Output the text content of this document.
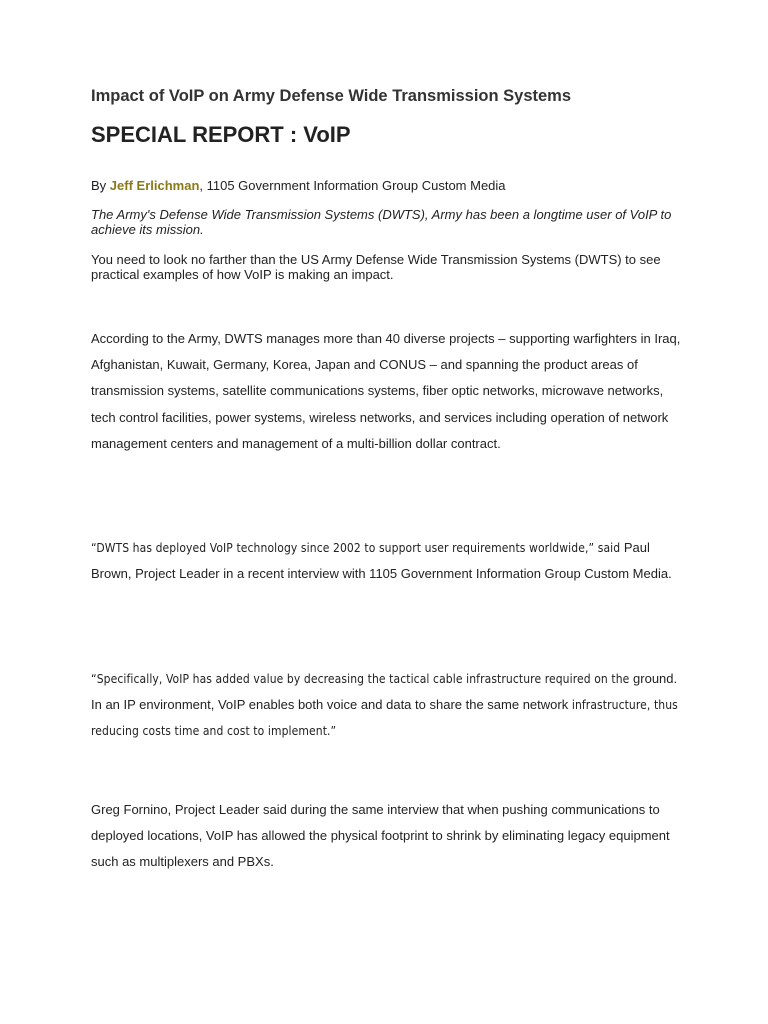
Impact of VoIP on Army Defense Wide Transmission Systems
SPECIAL REPORT : VoIP

By Jeff Erlichman, 1105 Government Information Group Custom Media

The Army's Defense Wide Transmission Systems (DWTS), Army has been a longtime user of VoIP to achieve its mission.

You need to look no farther than the US Army Defense Wide Transmission Systems (DWTS) to see practical examples of how VoIP is making an impact.

According to the Army, DWTS manages more than 40 diverse projects – supporting warfighters in Iraq, Afghanistan, Kuwait, Germany, Korea, Japan and CONUS – and spanning the product areas of transmission systems, satellite communications systems, fiber optic networks, microwave networks, tech control facilities, power systems, wireless networks, and services including operation of network management centers and management of a multi-billion dollar contract.

“DWTS has deployed VoIP technology since 2002 to support user requirements worldwide,” said Paul Brown, Project Leader in a recent interview with 1105 Government Information Group Custom Media.

“Specifically, VoIP has added value by decreasing the tactical cable infrastructure required on the ground. In an IP environment, VoIP enables both voice and data to share the same network infrastructure, thus reducing costs time and cost to implement.”

Greg Fornino, Project Leader said during the same interview that when pushing communications to deployed locations, VoIP has allowed the physical footprint to shrink by eliminating legacy equipment such as multiplexers and PBXs.
